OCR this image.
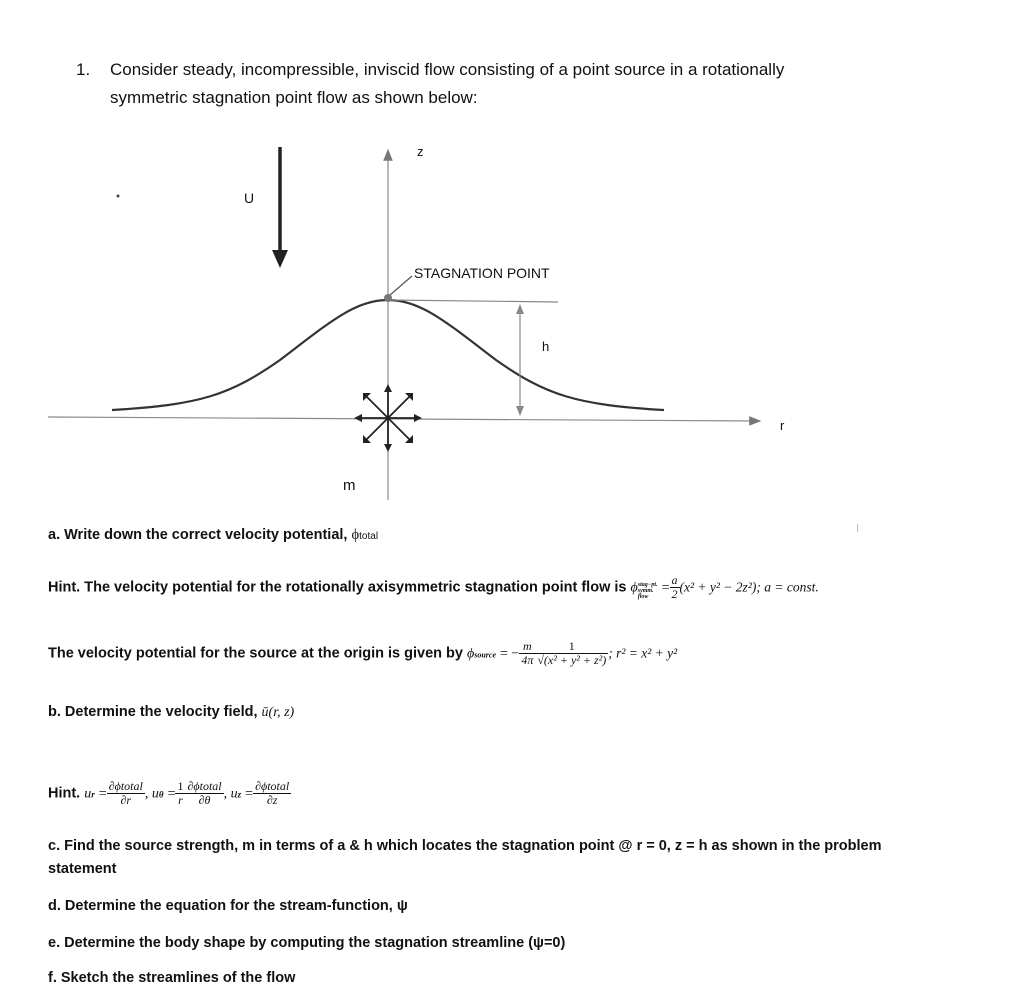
1. Consider steady, incompressible, inviscid flow consisting of a point source in a rotationally
symmetric stagnation point flow as shown below:
z
U
STAGNATION POINT
h
r
m
a. Write down the correct velocity potential, ϕtotal
Hint. The velocity potential for the rotationally axisymmetric stagnation point flow is ϕ stag−pt.
symm.
flow
= $\frac{a}{2} (x^2 + y^2 - 2z^2)$; a = const.
The velocity potential for the source at the origin is given by ϕsource = − $\frac{m}{4\pi} \frac{1}{\text{√(x² + y² + z²)}}$ ; r² = x² + y²
b. Determine the velocity field, ū(r, z)
Hint. ur = $\frac{\text{∂ϕtotal}}{\partial r}$ , $u\theta = \frac{1}{r} \frac{\text{∂ϕtotal}}{\partial\theta}$ , uz = $\frac{\text{∂ϕtotal}}{\partial z}$
c. Find the source strength, m in terms of a & h which locates the stagnation point @ r = 0, z = h as shown in the problem
statement
d. Determine the equation for the stream-function, ψ
e. Determine the body shape by computing the stagnation streamline (ψ=0)
f. Sketch the streamlines of the flow
